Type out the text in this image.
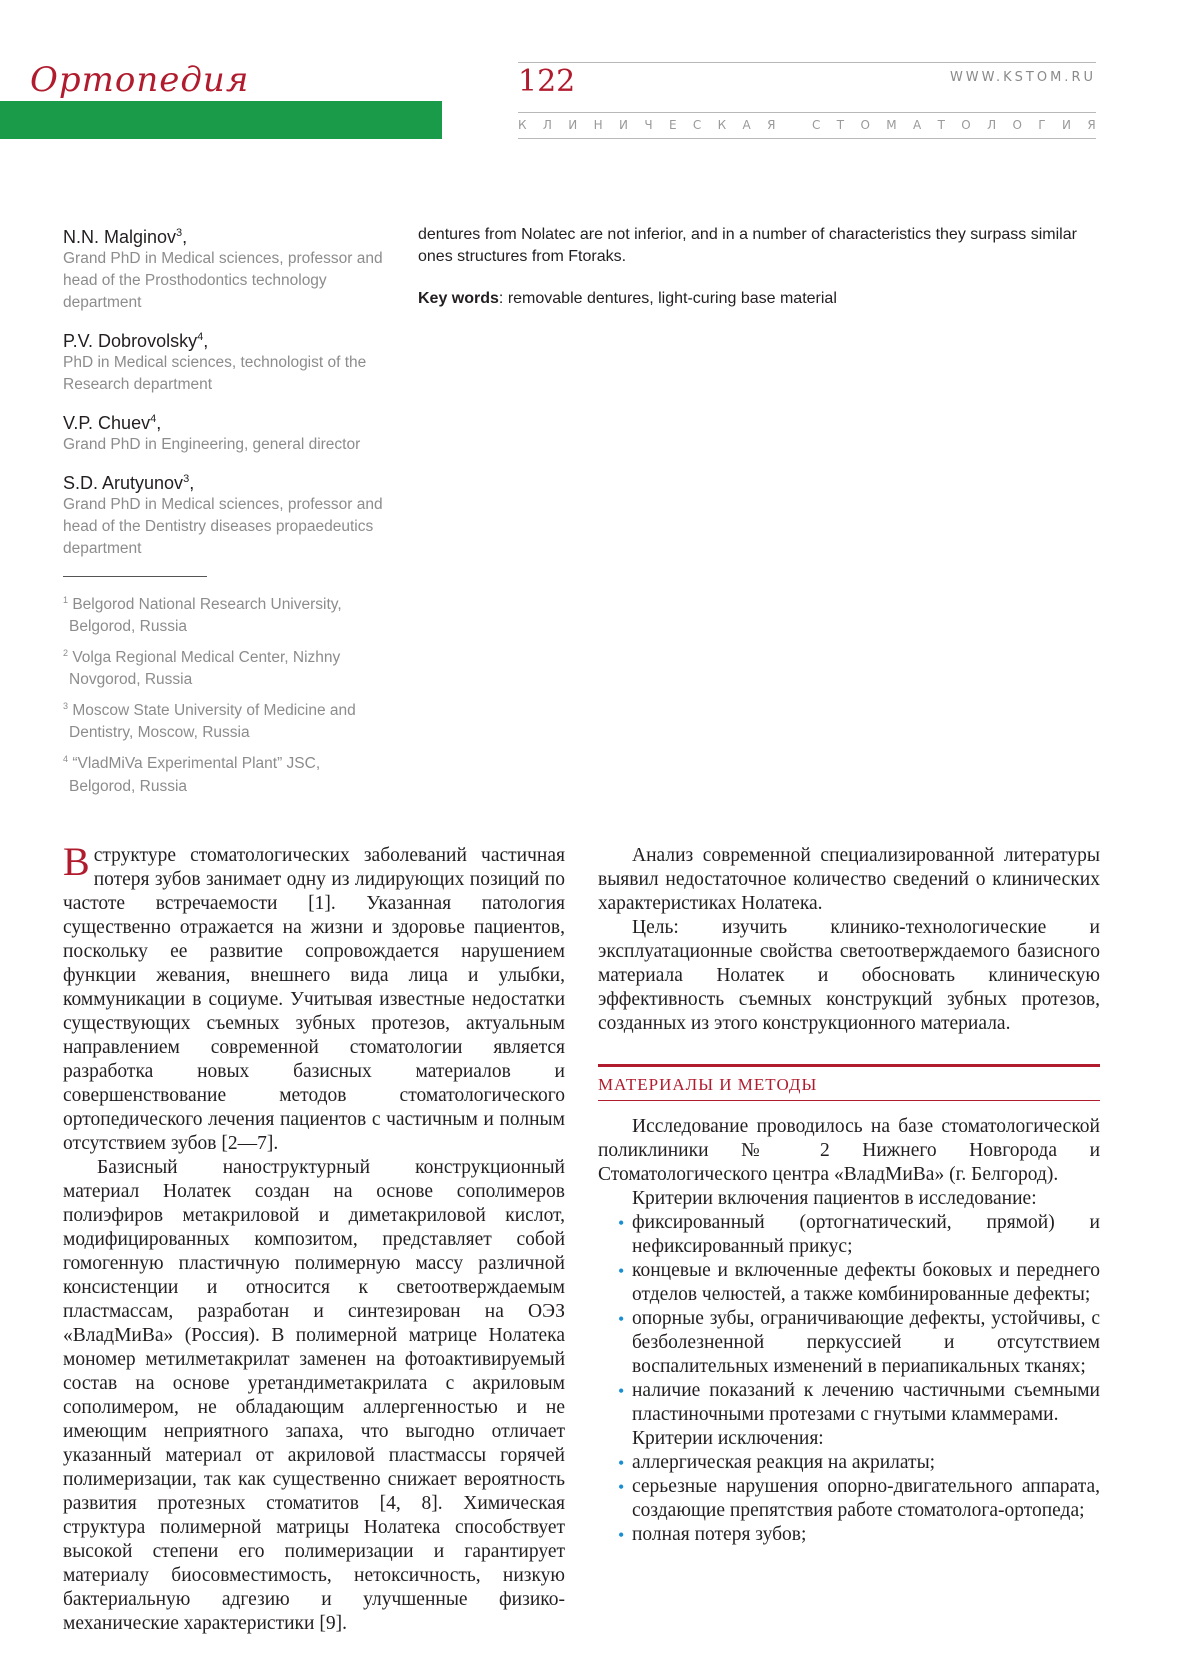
Ортопедия	122	WWW.KSTOM.RU
К Л И Н И Ч Е С К А Я
	С Т О М А Т О Л О Г И Я
N.N. Malginov$^3$,
Grand PhD in Medical sciences, professor and head of the Prosthodontics technology department
P.V. Dobrovolsky$^4$,
PhD in Medical sciences, technologist of the Research department
V.P. Chuev$^4$,
Grand PhD in Engineering, general director
S.D. Arutyunov$^3$,
Grand PhD in Medical sciences, professor and head of the Dentistry diseases propaedeutics department
$^1$ Belgorod National Research University, Belgorod, Russia
$^2$ Volga Regional Medical Center, Nizhny Novgorod, Russia
$^3$ Moscow State University of Medicine and Dentistry, Moscow, Russia
$^4$ “VladMiVa Experimental Plant” JSC, Belgorod, Russia
dentures from Nolatec are not inferior, and in a number of characteristics they surpass similar ones structures from Ftoraks.
Key words: removable dentures, light-curing base material

В структуре стоматологических заболеваний частичная потеря зубов занимает одну из лидирующих позиций по частоте встречаемости [1]. Указанная патология существенно отражается на жизни и здоровье пациентов, поскольку ее развитие сопровождается нарушением функции жевания, внешнего вида лица и улыбки, коммуникации в социуме. Учитывая известные недостатки существующих съемных зубных протезов, актуальным направлением современной стоматологии является разработка новых базисных материалов и совершенствование методов стоматологического ортопедического лечения пациентов с частичным и полным отсутствием зубов [2—7].

Базисный наноструктурный конструкционный материал Нолатек создан на основе сополимеров полиэфиров метакриловой и диметакриловой кислот, модифицированных композитом, представляет собой гомогенную пластичную полимерную массу различной консистенции и относится к светоотверждаемым пластмассам, разработан и синтезирован на ОЭЗ «ВладМиВа» (Россия). В полимерной матрице Нолатека мономер метилметакрилат заменен на фотоактивируемый состав на основе уретандиметакрилата с акриловым сополимером, не обладающим аллергенностью и не имеющим неприятного запаха, что выгодно отличает указанный материал от акриловой пластмассы горячей полимеризации, так как существенно снижает вероятность развития протезных стоматитов [4, 8]. Химическая структура полимерной матрицы Нолатека способствует высокой степени его полимеризации и гарантирует материалу биосовместимость, нетоксичность, низкую бактериальную адгезию и улучшенные физико-механические характеристики [9].

Анализ современной специализированной литературы выявил недостаточное количество сведений о клинических характеристиках Нолатека.

Цель: изучить клинико-технологические и эксплуатационные свойства светоотверждаемого базисного материала Нолатек и обосновать клиническую эффективность съемных конструкций зубных протезов, созданных из этого конструкционного материала.

МАТЕРИАЛЫ И МЕТОДЫ

Исследование проводилось на базе стоматологической поликлиники № 2 Нижнего Новгорода и Стоматологического центра «ВладМиВа» (г. Белгород).

Критерии включения пациентов в исследование:

• фиксированный (ортогнатический, прямой) и нефиксированный прикус;
• концевые и включенные дефекты боковых и переднего отделов челюстей, а также комбинированные дефекты;
• опорные зубы, ограничивающие дефекты, устойчивы, с безболезненной перкуссией и отсутствием воспалительных изменений в периапикальных тканях;
• наличие показаний к лечению частичными съемными пластиночными протезами с гнутыми кламмерами.

Критерии исключения:

• аллергическая реакция на акрилаты;
• серьезные нарушения опорно-двигательного аппарата, создающие препятствия работе стоматолога-ортопеда;
• полная потеря зубов;
